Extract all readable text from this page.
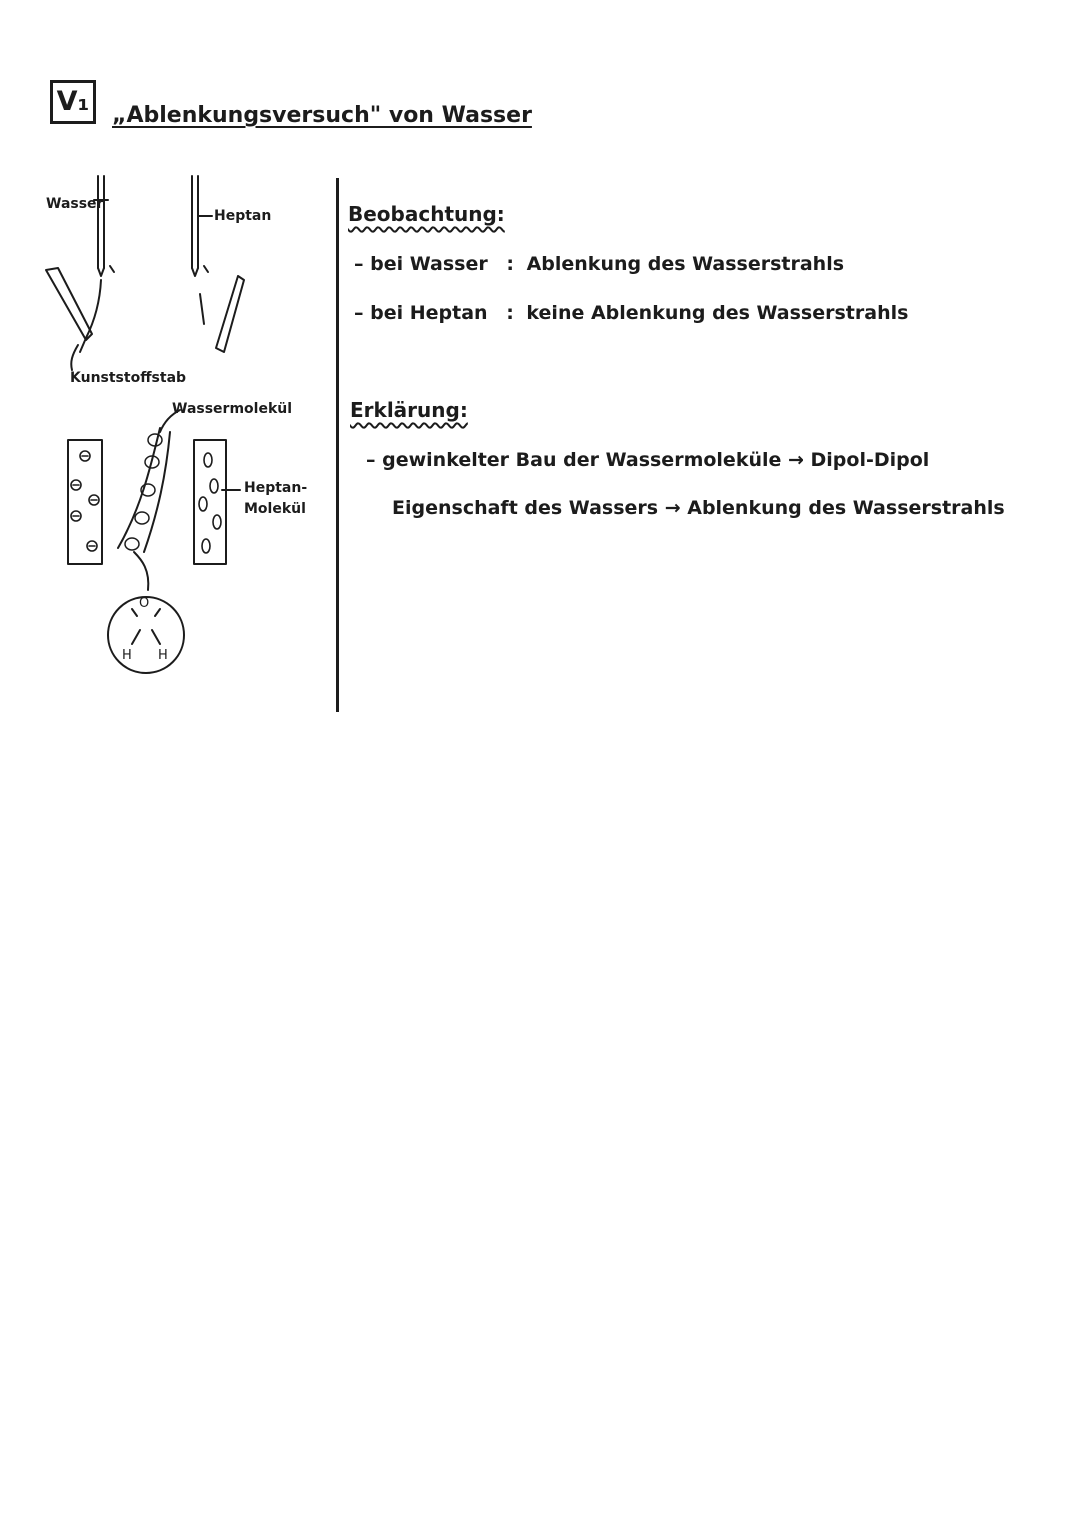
V₁	„Ablenkungsversuch" von Wasser
Wasser
Heptan
Kunststoffstab
Wassermolekül
Heptan-
Molekül
O
H H
Beobachtung:
– bei Wasser : Ablenkung des Wasserstrahls
– bei Heptan : keine Ablenkung des Wasserstrahls
Erklärung:
– gewinkelter Bau der Wassermoleküle → Dipol-Dipol
Eigenschaft des Wassers → Ablenkung des Wasserstrahls
